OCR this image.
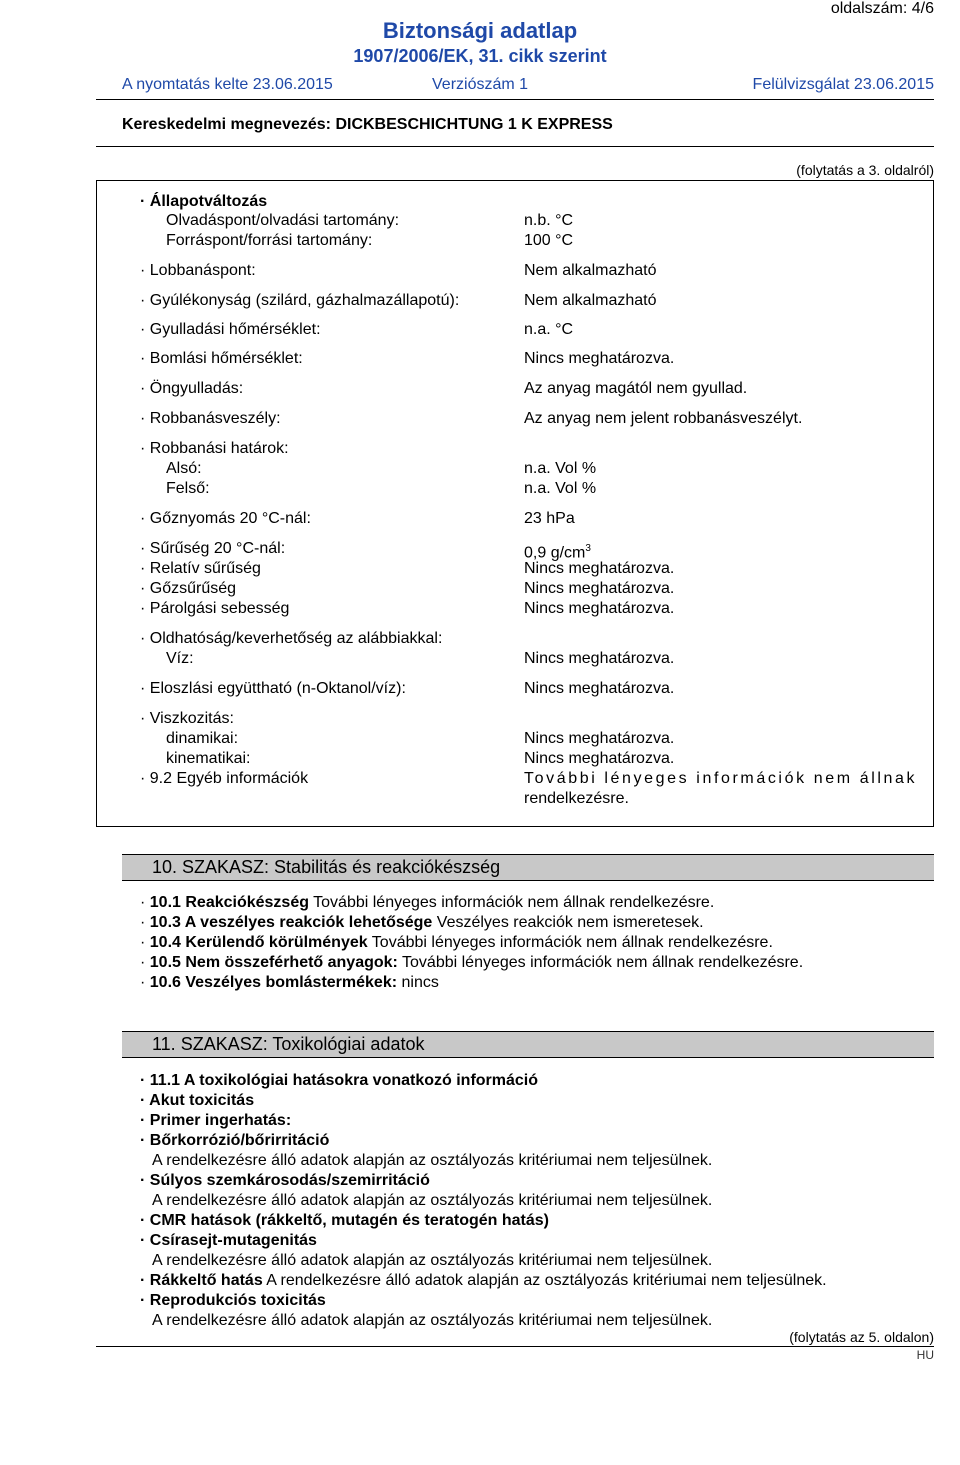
oldalszám: 4/6
Biztonsági adatlap
1907/2006/EK, 31. cikk szerint
A nyomtatás kelte 23.06.2015	Verziószám 1	Felülvizsgálat 23.06.2015
Kereskedelmi megnevezés: DICKBESCHICHTUNG 1 K EXPRESS
(folytatás a 3. oldalról)
· Állapotváltozás
Olvadáspont/olvadási tartomány:	n.b. °C
Forráspont/forrási tartomány:	100 °C
· Lobbanáspont:	Nem alkalmazható
· Gyúlékonyság (szilárd, gázhalmazállapotú):	Nem alkalmazható
· Gyulladási hőmérséklet:	n.a. °C
· Bomlási hőmérséklet:	Nincs meghatározva.
· Öngyulladás:	Az anyag magától nem gyullad.
· Robbanásveszély:	Az anyag nem jelent robbanásveszélyt.
· Robbanási határok:
Alsó:	n.a. Vol %
Felső:	n.a. Vol %
· Gőznyomás 20 °C-nál:	23 hPa
· Sűrűség 20 °C-nál:	0,9 $g/cm^3$
· Relatív sűrűség	Nincs meghatározva.
· Gőzsűrűség	Nincs meghatározva.
· Párolgási sebesség	Nincs meghatározva.
· Oldhatóság/keverhetőség az alábbiakkal:
Víz:	Nincs meghatározva.
· Eloszlási együttható (n-Oktanol/víz):	Nincs meghatározva.
· Viszkozitás:
dinamikai:	Nincs meghatározva.
kinematikai:	Nincs meghatározva.
· 9.2 Egyéb információk	További lényeges információk nem állnak
rendelkezésre.
10. SZAKASZ: Stabilitás és reakciókészség
· 10.1 Reakciókészség További lényeges információk nem állnak rendelkezésre.
· 10.3 A veszélyes reakciók lehetősége Veszélyes reakciók nem ismeretesek.
· 10.4 Kerülendő körülmények További lényeges információk nem állnak rendelkezésre.
· 10.5 Nem összeférhető anyagok: További lényeges információk nem állnak rendelkezésre.
· 10.6 Veszélyes bomlástermékek: nincs
11. SZAKASZ: Toxikológiai adatok
· 11.1 A toxikológiai hatásokra vonatkozó információ
· Akut toxicitás
· Primer ingerhatás:
· Bőrkorrózió/bőrirritáció
A rendelkezésre álló adatok alapján az osztályozás kritériumai nem teljesülnek.
· Súlyos szemkárosodás/szemirritáció
A rendelkezésre álló adatok alapján az osztályozás kritériumai nem teljesülnek.
· CMR hatások (rákkeltő, mutagén és teratogén hatás)
· Csírasejt-mutagenitás
A rendelkezésre álló adatok alapján az osztályozás kritériumai nem teljesülnek.
· Rákkeltő hatás A rendelkezésre álló adatok alapján az osztályozás kritériumai nem teljesülnek.
· Reprodukciós toxicitás
A rendelkezésre álló adatok alapján az osztályozás kritériumai nem teljesülnek.
(folytatás az 5. oldalon)
HU
